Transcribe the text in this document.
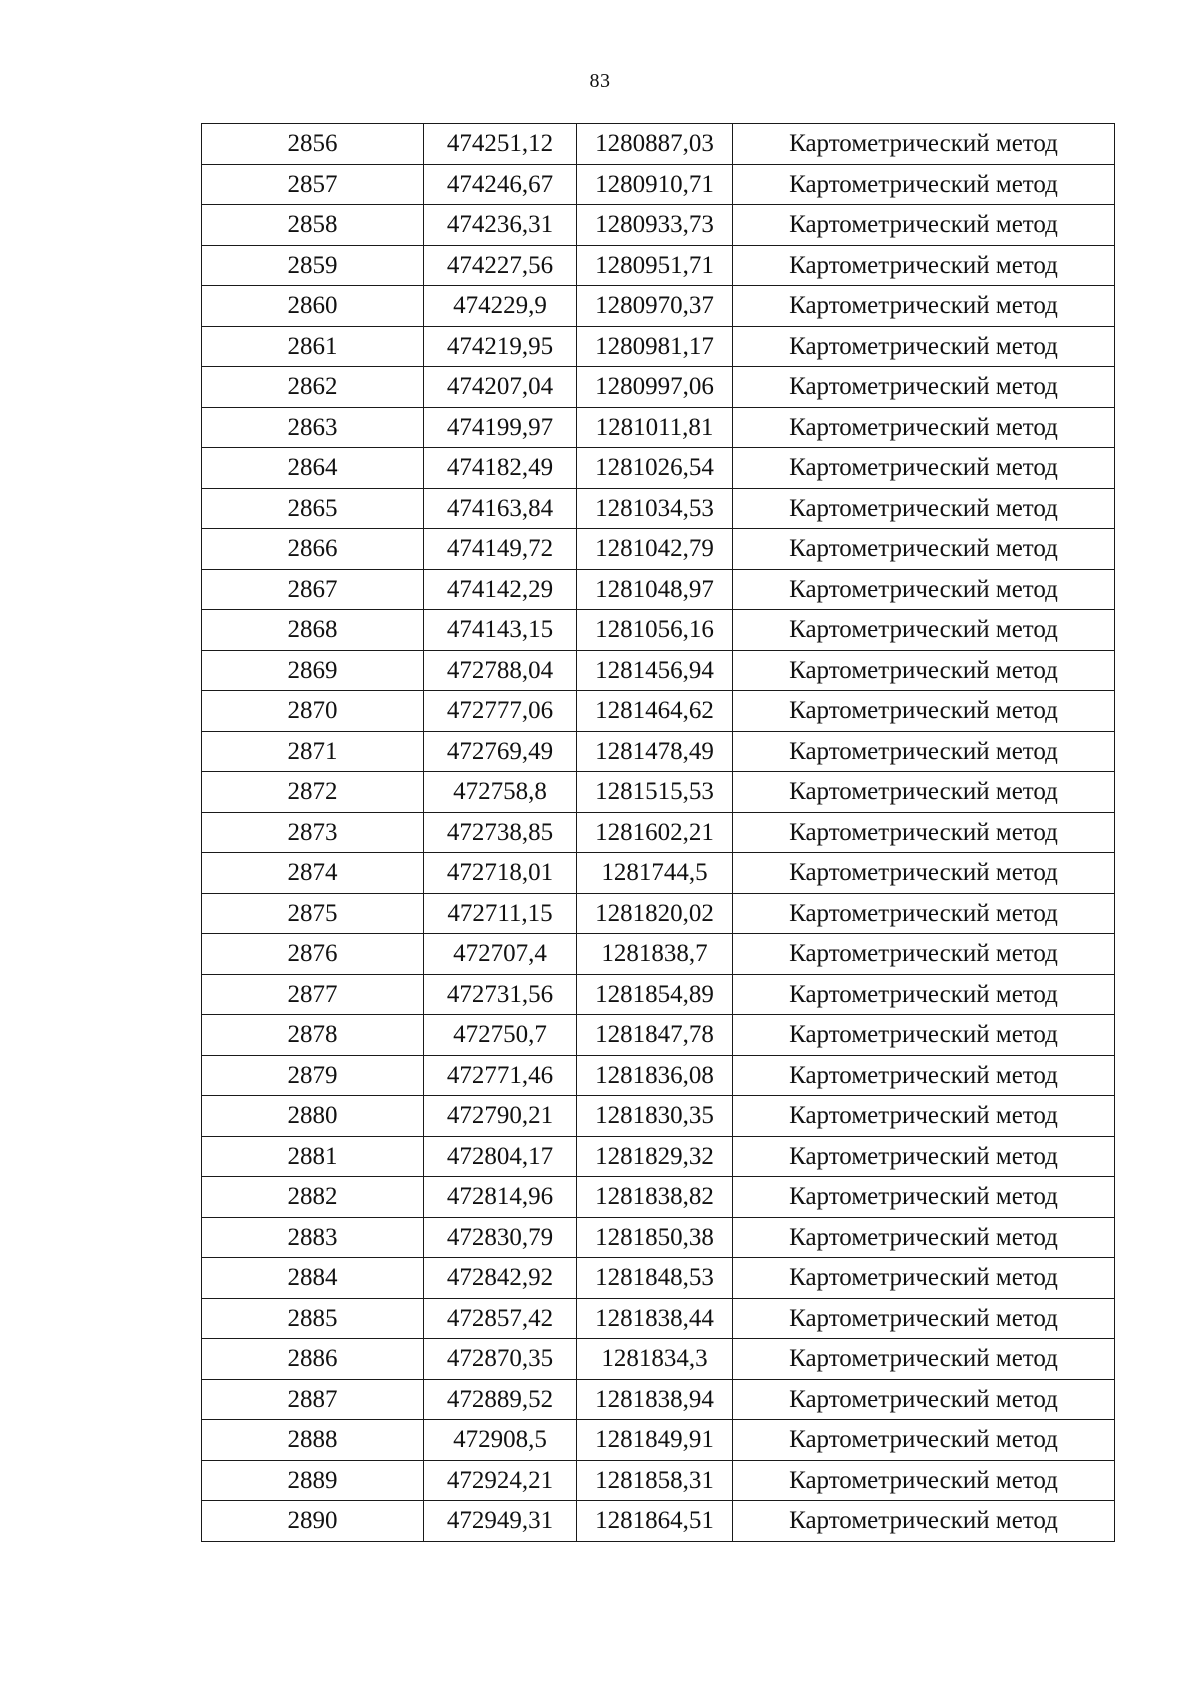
83
2856	474251,12	1280887,03	Картометрический метод
2857	474246,67	1280910,71	Картометрический метод
2858	474236,31	1280933,73	Картометрический метод
2859	474227,56	1280951,71	Картометрический метод
2860	474229,9	1280970,37	Картометрический метод
2861	474219,95	1280981,17	Картометрический метод
2862	474207,04	1280997,06	Картометрический метод
2863	474199,97	1281011,81	Картометрический метод
2864	474182,49	1281026,54	Картометрический метод
2865	474163,84	1281034,53	Картометрический метод
2866	474149,72	1281042,79	Картометрический метод
2867	474142,29	1281048,97	Картометрический метод
2868	474143,15	1281056,16	Картометрический метод
2869	472788,04	1281456,94	Картометрический метод
2870	472777,06	1281464,62	Картометрический метод
2871	472769,49	1281478,49	Картометрический метод
2872	472758,8	1281515,53	Картометрический метод
2873	472738,85	1281602,21	Картометрический метод
2874	472718,01	1281744,5	Картометрический метод
2875	472711,15	1281820,02	Картометрический метод
2876	472707,4	1281838,7	Картометрический метод
2877	472731,56	1281854,89	Картометрический метод
2878	472750,7	1281847,78	Картометрический метод
2879	472771,46	1281836,08	Картометрический метод
2880	472790,21	1281830,35	Картометрический метод
2881	472804,17	1281829,32	Картометрический метод
2882	472814,96	1281838,82	Картометрический метод
2883	472830,79	1281850,38	Картометрический метод
2884	472842,92	1281848,53	Картометрический метод
2885	472857,42	1281838,44	Картометрический метод
2886	472870,35	1281834,3	Картометрический метод
2887	472889,52	1281838,94	Картометрический метод
2888	472908,5	1281849,91	Картометрический метод
2889	472924,21	1281858,31	Картометрический метод
2890	472949,31	1281864,51	Картометрический метод
